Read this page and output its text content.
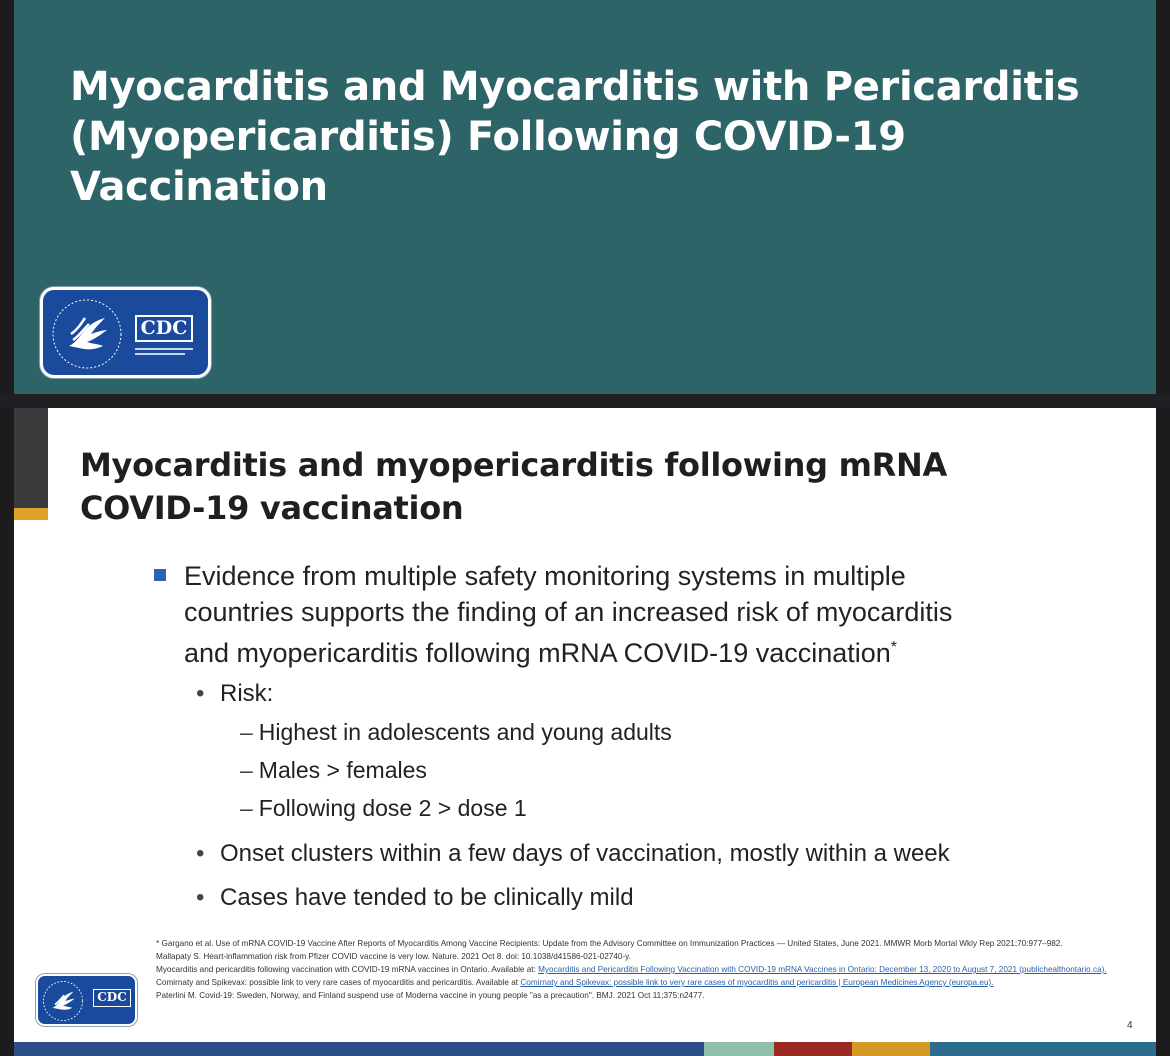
Myocarditis and Myocarditis with Pericarditis
(Myopericarditis) Following COVID-19 Vaccination
CDC
Myocarditis and myopericarditis following mRNA
COVID-19 vaccination
Evidence from multiple safety monitoring systems in multiple
countries supports the finding of an increased risk of myocarditis
and myopericarditis following mRNA COVID-19 vaccination*
• Risk:
– Highest in adolescents and young adults
– Males > females
– Following dose 2 > dose 1
• Onset clusters within a few days of vaccination, mostly within a week
• Cases have tended to be clinically mild

* Gargano et al. Use of mRNA COVID-19 Vaccine After Reports of Myocarditis Among Vaccine Recipients: Update from the Advisory Committee on Immunization Practices — United States, June 2021. MMWR Morb Mortal Wkly Rep 2021;70:977–982.

Mallapaty S. Heart-inflammation risk from Pfizer COVID vaccine is very low. Nature. 2021 Oct 8. doi: 10.1038/d41586-021-02740-y.

Myocarditis and pericarditis following vaccination with COVID-19 mRNA vaccines in Ontario. Available at: Myocarditis and Pericarditis Following Vaccination with COVID-19 mRNA Vaccines in Ontario: December 13, 2020 to August 7, 2021 (publichealthontario.ca).

Comirnaty and Spikevax: possible link to very rare cases of myocarditis and pericarditis. Available at Comirnaty and Spikevax: possible link to very rare cases of myocarditis and pericarditis | European Medicines Agency (europa.eu).

Paterlini M. Covid-19: Sweden, Norway, and Finland suspend use of Moderna vaccine in young people "as a precaution". BMJ. 2021 Oct 11;375:n2477.

CDC
4
